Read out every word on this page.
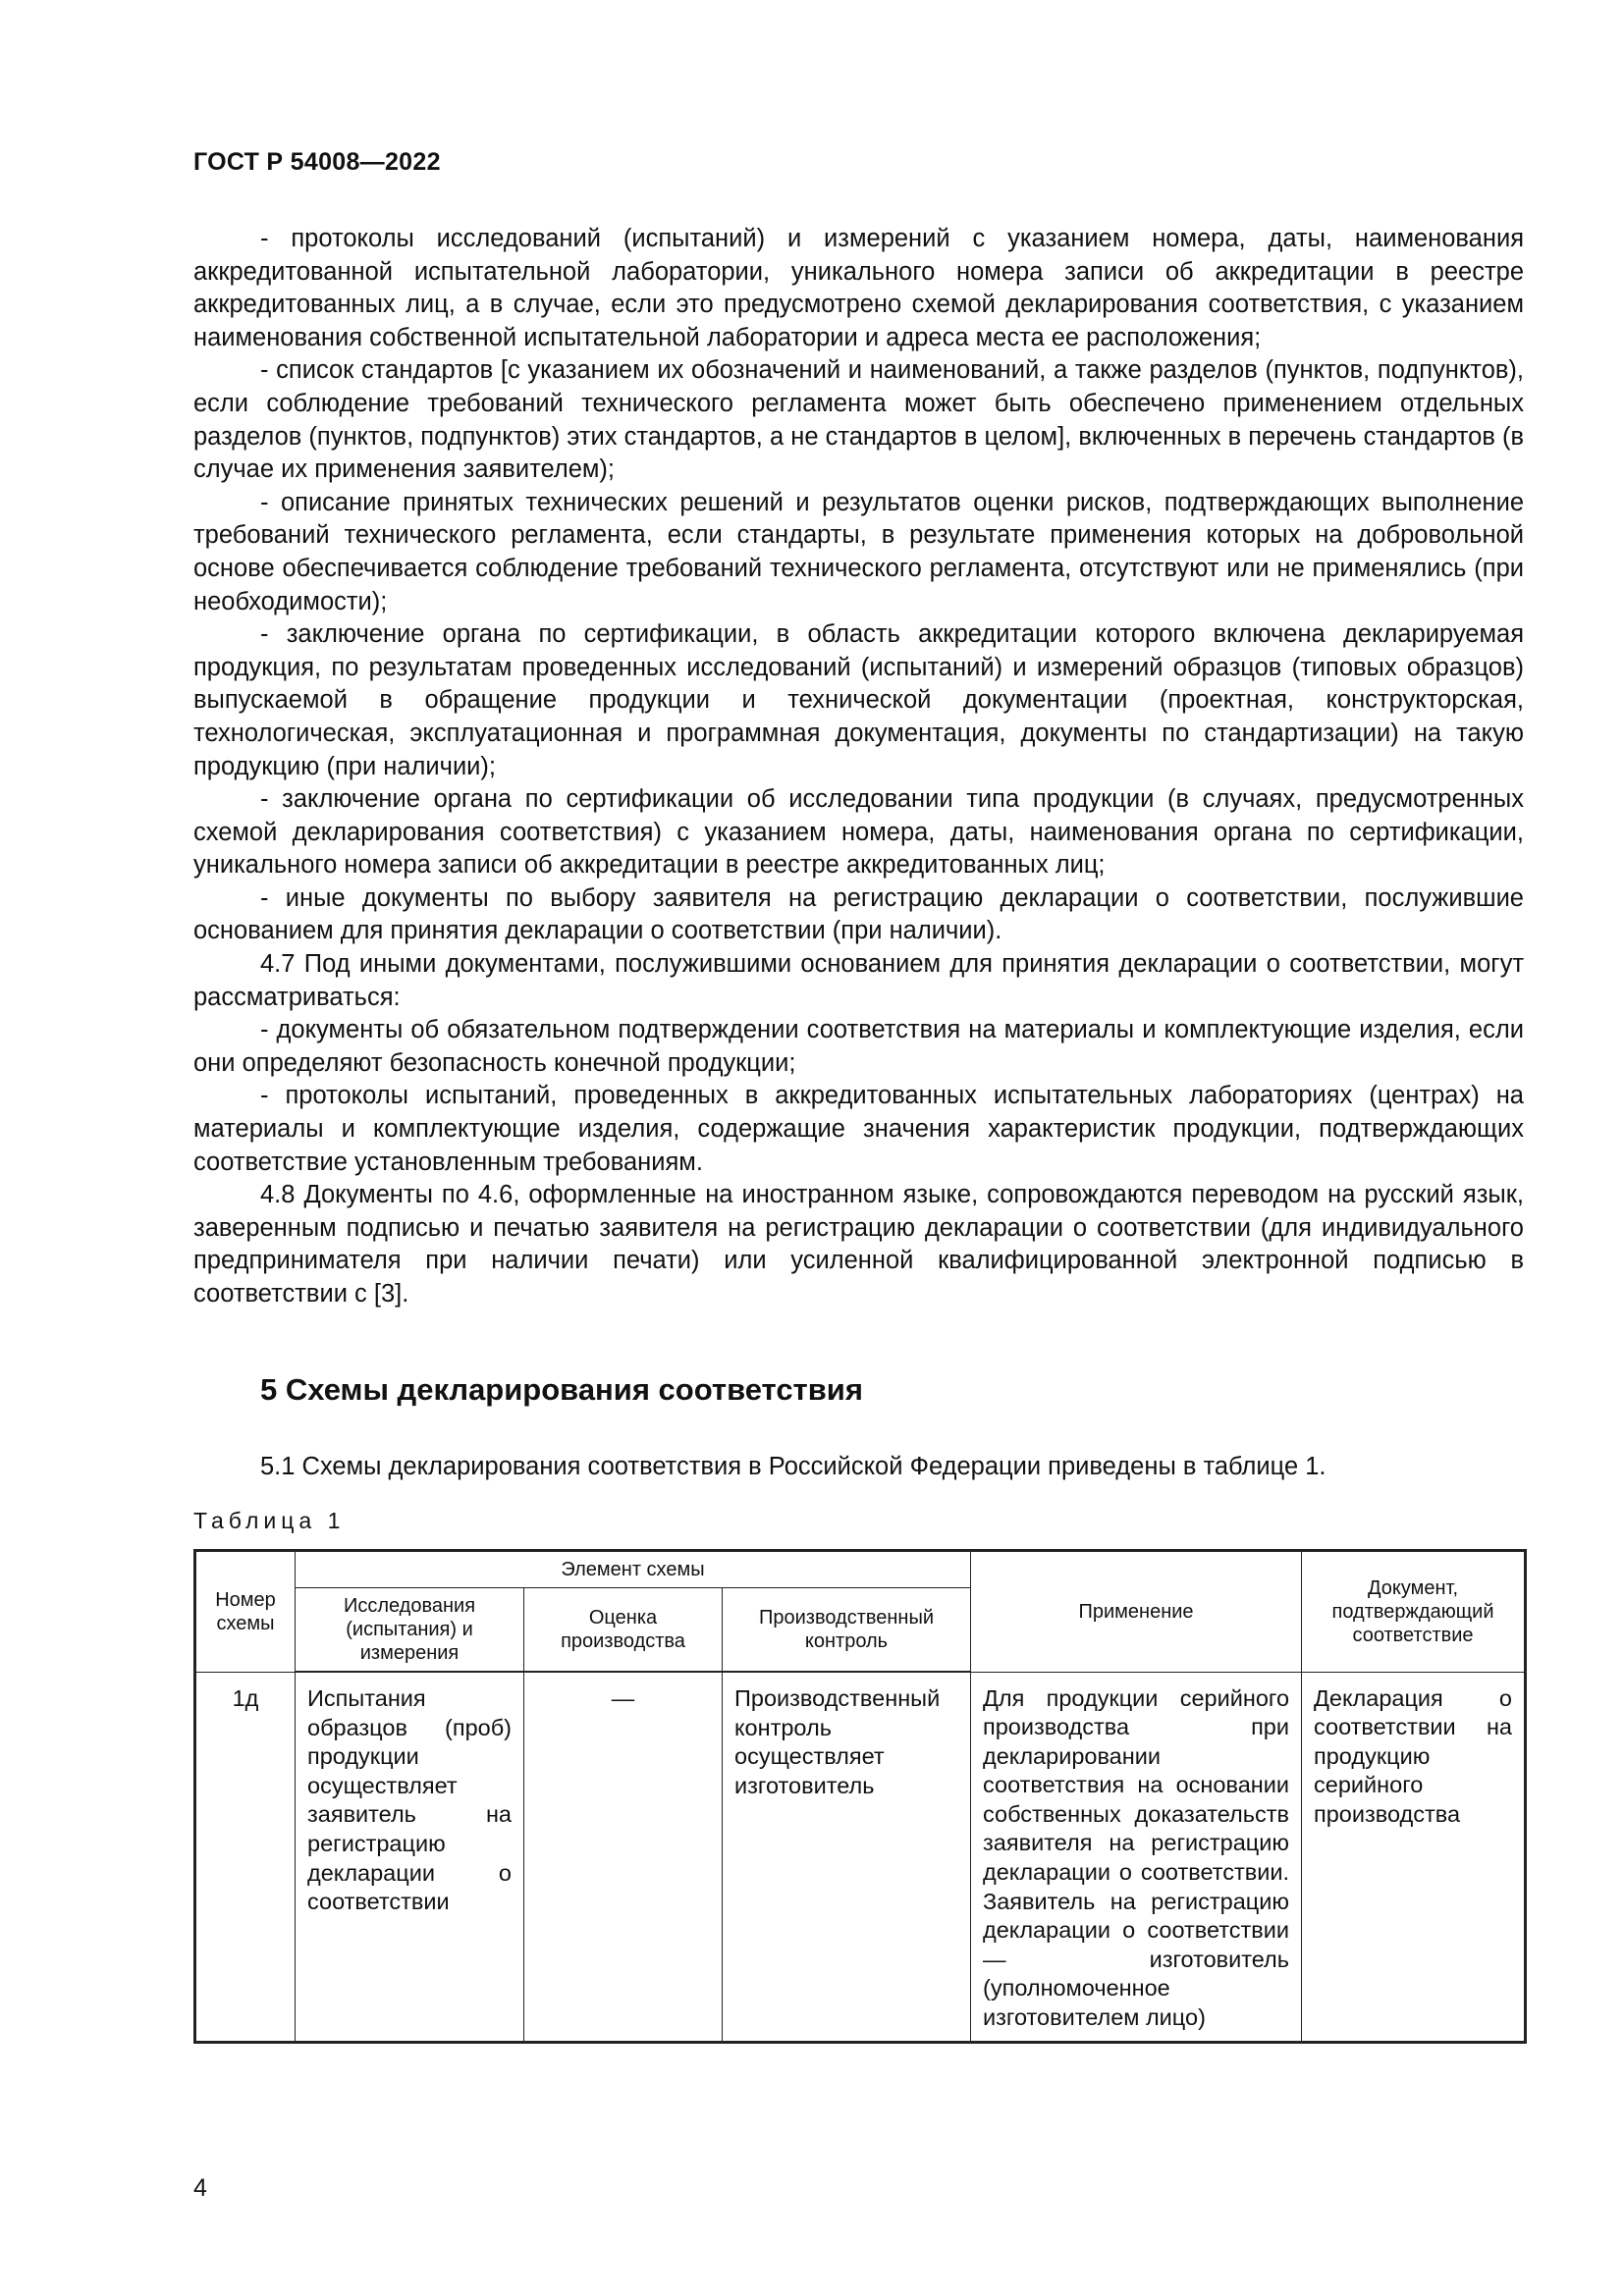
ГОСТ Р 54008—2022

- протоколы исследований (испытаний) и измерений с указанием номера, даты, наименования аккредитованной испытательной лаборатории, уникального номера записи об аккредитации в реестре аккредитованных лиц, а в случае, если это предусмотрено схемой декларирования соответствия, с указанием наименования собственной испытательной лаборатории и адреса места ее расположения;

- список стандартов [с указанием их обозначений и наименований, а также разделов (пунктов, подпунктов), если соблюдение требований технического регламента может быть обеспечено применением отдельных разделов (пунктов, подпунктов) этих стандартов, а не стандартов в целом], включенных в перечень стандартов (в случае их применения заявителем);

- описание принятых технических решений и результатов оценки рисков, подтверждающих выполнение требований технического регламента, если стандарты, в результате применения которых на добровольной основе обеспечивается соблюдение требований технического регламента, отсутствуют или не применялись (при необходимости);

- заключение органа по сертификации, в область аккредитации которого включена декларируемая продукция, по результатам проведенных исследований (испытаний) и измерений образцов (типовых образцов) выпускаемой в обращение продукции и технической документации (проектная, конструкторская, технологическая, эксплуатационная и программная документация, документы по стандартизации) на такую продукцию (при наличии);

- заключение органа по сертификации об исследовании типа продукции (в случаях, предусмотренных схемой декларирования соответствия) с указанием номера, даты, наименования органа по сертификации, уникального номера записи об аккредитации в реестре аккредитованных лиц;

- иные документы по выбору заявителя на регистрацию декларации о соответствии, послужившие основанием для принятия декларации о соответствии (при наличии).

4.7 Под иными документами, послужившими основанием для принятия декларации о соответствии, могут рассматриваться:

- документы об обязательном подтверждении соответствия на материалы и комплектующие изделия, если они определяют безопасность конечной продукции;

- протоколы испытаний, проведенных в аккредитованных испытательных лабораториях (центрах) на материалы и комплектующие изделия, содержащие значения характеристик продукции, подтверждающих соответствие установленным требованиям.

4.8 Документы по 4.6, оформленные на иностранном языке, сопровождаются переводом на русский язык, заверенным подписью и печатью заявителя на регистрацию декларации о соответствии (для индивидуального предпринимателя при наличии печати) или усиленной квалифицированной электронной подписью в соответствии с [3].

5 Схемы декларирования соответствия

5.1 Схемы декларирования соответствия в Российской Федерации приведены в таблице 1.

Таблица 1
Номер схемы	Элемент схемы			Применение	Документ, подтверждающий соответствие
	Исследования (испытания) и измерения	Оценка производства	Производственный контроль		
1д	Испытания образцов (проб) продукции осуществляет заявитель на регистрацию декларации о соответствии	—	Производственный контроль осуществляет изготовитель	Для продукции серийного производства при декларировании соответствия на основании собственных доказательств заявителя на регистрацию декларации о соответствии. Заявитель на регистрацию декларации о соответствии — изготовитель (уполномоченное изготовителем лицо)	Декларация о соответствии на продукцию серийного производства
4
